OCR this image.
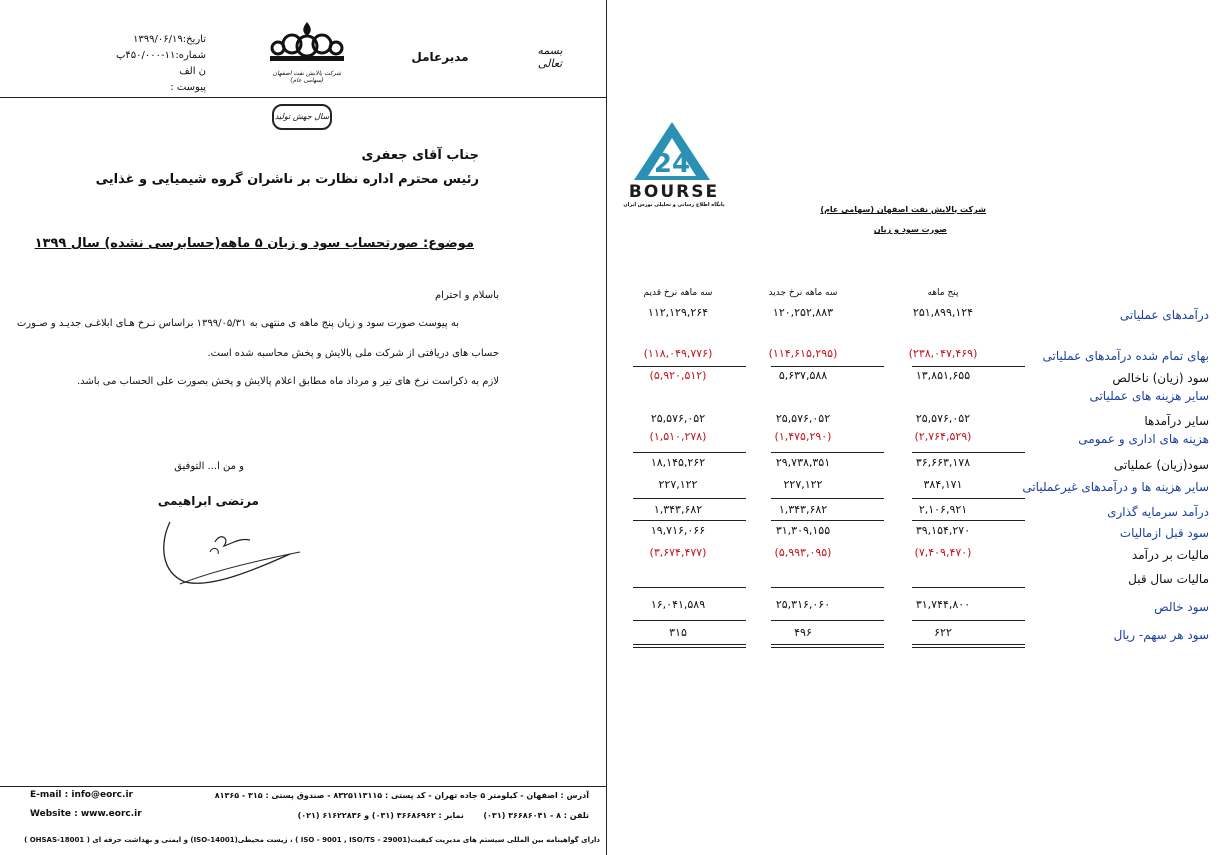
تاریخ:۱۳۹۹/۰۶/۱۹
شماره:۱۱-۴۵۰/۰۰۰پ ن الف
پیوست :
شرکت پالایش نفت اصفهان (سهامی عام)
مدیرعامل	بسمه تعالی
سال جهش تولید
جناب آقای جعفری
رئیس محترم اداره نظارت بر ناشران گروه شیمیایی و غذایی
موضوع: صورتحساب سود و زیان ۵ ماهه(حسابرسی نشده) سال ۱۳۹۹
باسلام و احترام
به پیوست صورت سود و زیان پنج ماهه ی منتهی به ۱۳۹۹/۰۵/۳۱ براساس نـرخ هـای ابلاغـی جدیـد و صـورت
حساب های دریافتی از شرکت ملی پالایش و پخش محاسبه شده است.
لازم به ذکراست نرخ های تیر و مرداد ماه مطابق اعلام پالایش و پخش بصورت علی الحساب می باشد.
و من ا... التوفیق
مرتضی ابراهیمی
E-mail : info@eorc.ir
Website : www.eorc.ir
آدرس : اصفهان - کیلومتر ۵ جاده تهران - کد پستی : ۸۳۲۵۱۱۳۱۱۵ - صندوق پستی : ۳۱۵ - ۸۱۳۶۵
تلفن : ۸ - ۳۶۶۸۶۰۴۱ (۰۳۱)       نمابر : ۳۶۶۸۶۹۶۲ (۰۳۱) و ۶۱۶۲۲۸۳۶ (۰۲۱)
دارای گواهینامه بین المللی سیستم های مدیریت کیفیت(ISO - 9001 , ISO/TS - 29001 ) ، زیست محیطی(ISO-14001) و ایمنی و بهداشت حرفه ای ( OHSAS-18001 )
24
BOURSE
پایگاه اطلاع رسانی و تحلیلی بورس ایران	شرکت پالایش نفت اصفهان (سهامی عام)
صورت سود و زیان
پنج ماهه
سه ماهه نرخ جدید
سه ماهه نرخ قدیم
درآمدهای عملیاتی
۲۵۱,۸۹۹,۱۲۴
۱۲۰,۲۵۲,۸۸۳
۱۱۲,۱۲۹,۲۶۴
بهای تمام شده درآمدهای عملیاتی
(۲۳۸,۰۴۷,۴۶۹)
(۱۱۴,۶۱۵,۲۹۵)
(۱۱۸,۰۴۹,۷۷۶)
سود (زیان) ناخالص
۱۳,۸۵۱,۶۵۵
۵,۶۳۷,۵۸۸
(۵,۹۲۰,۵۱۲)
سایر هزینه های عملیاتی
سایر درآمدها
۲۵,۵۷۶,۰۵۲
۲۵,۵۷۶,۰۵۲
۲۵,۵۷۶,۰۵۲
هزینه های اداری و عمومی
(۲,۷۶۴,۵۲۹)
(۱,۴۷۵,۲۹۰)
(۱,۵۱۰,۲۷۸)
سود(زیان) عملیاتی
۳۶,۶۶۳,۱۷۸
۲۹,۷۳۸,۳۵۱
۱۸,۱۴۵,۲۶۲
سایر هزینه ها و درآمدهای غیرعملیاتی
۳۸۴,۱۷۱
۲۲۷,۱۲۲
۲۲۷,۱۲۲
درآمد سرمایه گذاری
۲,۱۰۶,۹۲۱
۱,۳۴۳,۶۸۲
۱,۳۴۳,۶۸۲
سود قبل ازمالیات
۳۹,۱۵۴,۲۷۰
۳۱,۳۰۹,۱۵۵
۱۹,۷۱۶,۰۶۶
مالیات بر درآمد
(۷,۴۰۹,۴۷۰)
(۵,۹۹۳,۰۹۵)
(۳,۶۷۴,۴۷۷)
مالیات سال قبل
سود خالص
۳۱,۷۴۴,۸۰۰
۲۵,۳۱۶,۰۶۰
۱۶,۰۴۱,۵۸۹
سود هر سهم- ریال
۶۲۲
۴۹۶
۳۱۵
